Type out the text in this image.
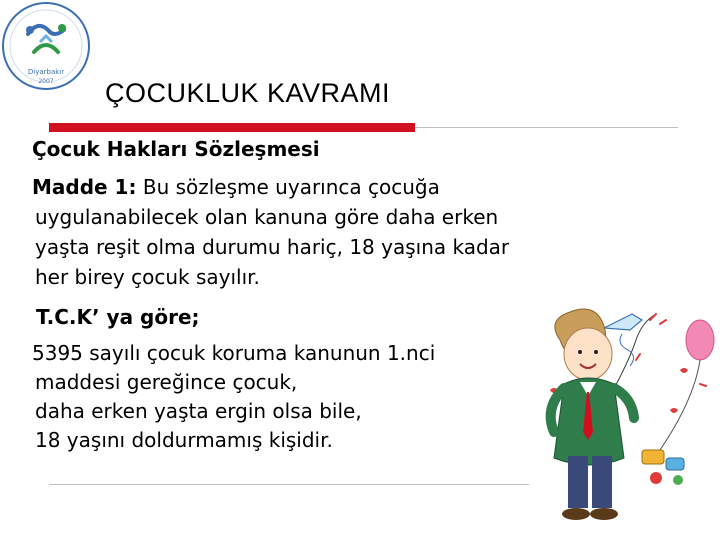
Diyarbakır
2007 ÇOCUKLUK KAVRAMI
Çocuk Hakları Sözleşmesi
Madde 1: Bu sözleşme uyarınca çocuğa
uygulanabilecek olan kanuna göre daha erken
yaşta reşit olma durumu hariç, 18 yaşına kadar
her birey çocuk sayılır.
T.C.K’ ya göre;
5395 sayılı çocuk koruma kanunun 1.nci
maddesi gereğince çocuk,
daha erken yaşta ergin olsa bile,
18 yaşını doldurmamış kişidir.
